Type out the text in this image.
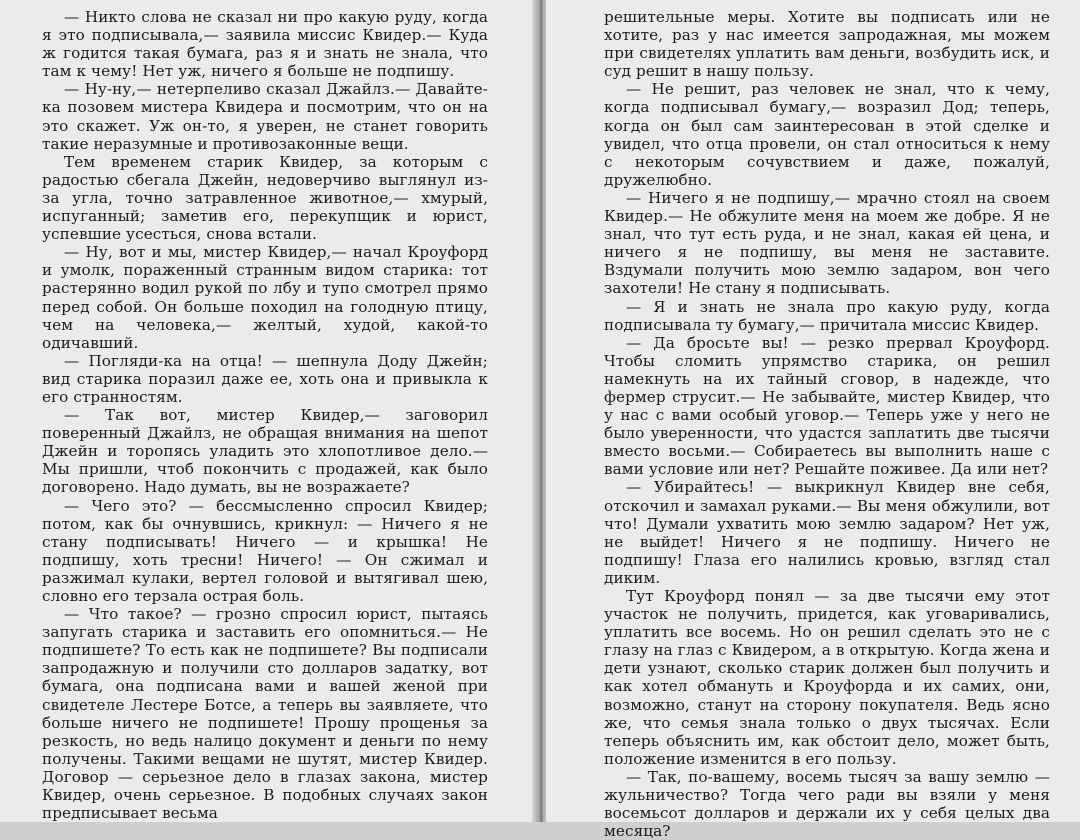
— Никто слова не сказал ни про какую руду, когда я это подписывала,— заявила миссис Квидер.— Куда ж годится такая бумага, раз я и знать не знала, что там к чему! Нет уж, ничего я больше не подпишу.

— Ну-ну,— нетерпеливо сказал Джайлз.— Давайте-ка позовем мистера Квидера и посмотрим, что он на это скажет. Уж он-то, я уверен, не станет говорить такие неразумные и противозаконные вещи.

Тем временем старик Квидер, за которым с радостью сбегала Джейн, недоверчиво выглянул из-за угла, точно затравленное животное,— хмурый, испуганный; заметив его, перекупщик и юрист, успевшие усесться, снова встали.

— Ну, вот и мы, мистер Квидер,— начал Кроуфорд и умолк, пораженный странным видом старика: тот растерянно водил рукой по лбу и тупо смотрел прямо перед собой. Он больше походил на голодную птицу, чем на человека,— желтый, худой, какой-то одичавший.

— Погляди-ка на отца! — шепнула Доду Джейн; вид старика поразил даже ее, хоть она и привыкла к его странностям.

— Так вот, мистер Квидер,— заговорил поверенный Джайлз, не обращая внимания на шепот Джейн и торопясь уладить это хлопотливое дело.— Мы пришли, чтоб покончить с продажей, как было договорено. Надо думать, вы не возражаете?

— Чего это? — бессмысленно спросил Квидер; потом, как бы очнувшись, крикнул: — Ничего я не стану подписывать! Ничего — и крышка! Не подпишу, хоть тресни! Ничего! — Он сжимал и разжимал кулаки, вертел головой и вытягивал шею, словно его терзала острая боль.

— Что такое? — грозно спросил юрист, пытаясь запугать старика и заставить его опомниться.— Не подпишете? То есть как не подпишете? Вы подписали запродажную и получили сто долларов задатку, вот бумага, она подписана вами и вашей женой при свидетеле Лестере Ботсе, а теперь вы заявляете, что больше ничего не подпишете! Прошу прощенья за резкость, но ведь налицо документ и деньги по нему получены. Такими вещами не шутят, мистер Квидер. Договор — серьезное дело в глазах закона, мистер Квидер, очень серьезное. В подобных случаях закон предписывает весьма

решительные меры. Хотите вы подписать или не хотите, раз у нас имеется запродажная, мы можем при свидетелях уплатить вам деньги, возбудить иск, и суд решит в нашу пользу.

— Не решит, раз человек не знал, что к чему, когда подписывал бумагу,— возразил Дод; теперь, когда он был сам заинтересован в этой сделке и увидел, что отца провели, он стал относиться к нему с некоторым сочувствием и даже, пожалуй, дружелюбно.

— Ничего я не подпишу,— мрачно стоял на своем Квидер.— Не обжулите меня на моем же добре. Я не знал, что тут есть руда, и не знал, какая ей цена, и ничего я не подпишу, вы меня не заставите. Вздумали получить мою землю задаром, вон чего захотели! Не стану я подписывать.

— Я и знать не знала про какую руду, когда подписывала ту бумагу,— причитала миссис Квидер.

— Да бросьте вы! — резко прервал Кроуфорд. Чтобы сломить упрямство старика, он решил намекнуть на их тайный сговор, в надежде, что фермер струсит.— Не забывайте, мистер Квидер, что у нас с вами особый уговор.— Теперь уже у него не было уверенности, что удастся заплатить две тысячи вместо восьми.— Собираетесь вы выполнить наше с вами условие или нет? Решайте поживее. Да или нет?

— Убирайтесь! — выкрикнул Квидер вне себя, отскочил и замахал руками.— Вы меня обжулили, вот что! Думали ухватить мою землю задаром? Нет уж, не выйдет! Ничего я не подпишу. Ничего не подпишу! Глаза его налились кровью, взгляд стал диким.

Тут Кроуфорд понял — за две тысячи ему этот участок не получить, придется, как уговаривались, уплатить все восемь. Но он решил сделать это не с глазу на глаз с Квидером, а в открытую. Когда жена и дети узнают, сколько старик должен был получить и как хотел обмануть и Кроуфорда и их самих, они, возможно, станут на сторону покупателя. Ведь ясно же, что семья знала только о двух тысячах. Если теперь объяснить им, как обстоит дело, может быть, положение изменится в его пользу.

— Так, по-вашему, восемь тысяч за вашу землю — жульничество? Тогда чего ради вы взяли у меня восемьсот долларов и держали их у себя целых два месяца?
